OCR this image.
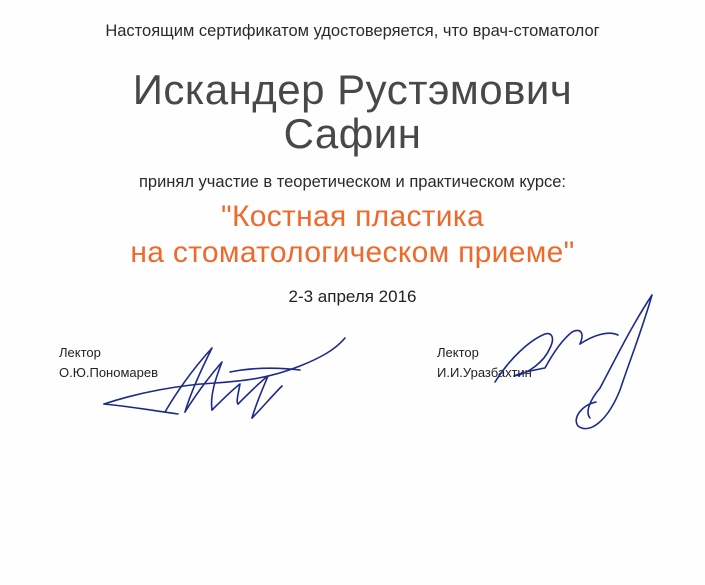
Настоящим сертификатом удостоверяется, что врач-стоматолог
Искандер Рустэмович
Сафин
принял участие в теоретическом и практическом курсе:
"Костная пластика
на стоматологическом приеме"
2-3 апреля 2016
Лектор
О.Ю.Пономарев
Лектор
И.И.Уразбахтин
